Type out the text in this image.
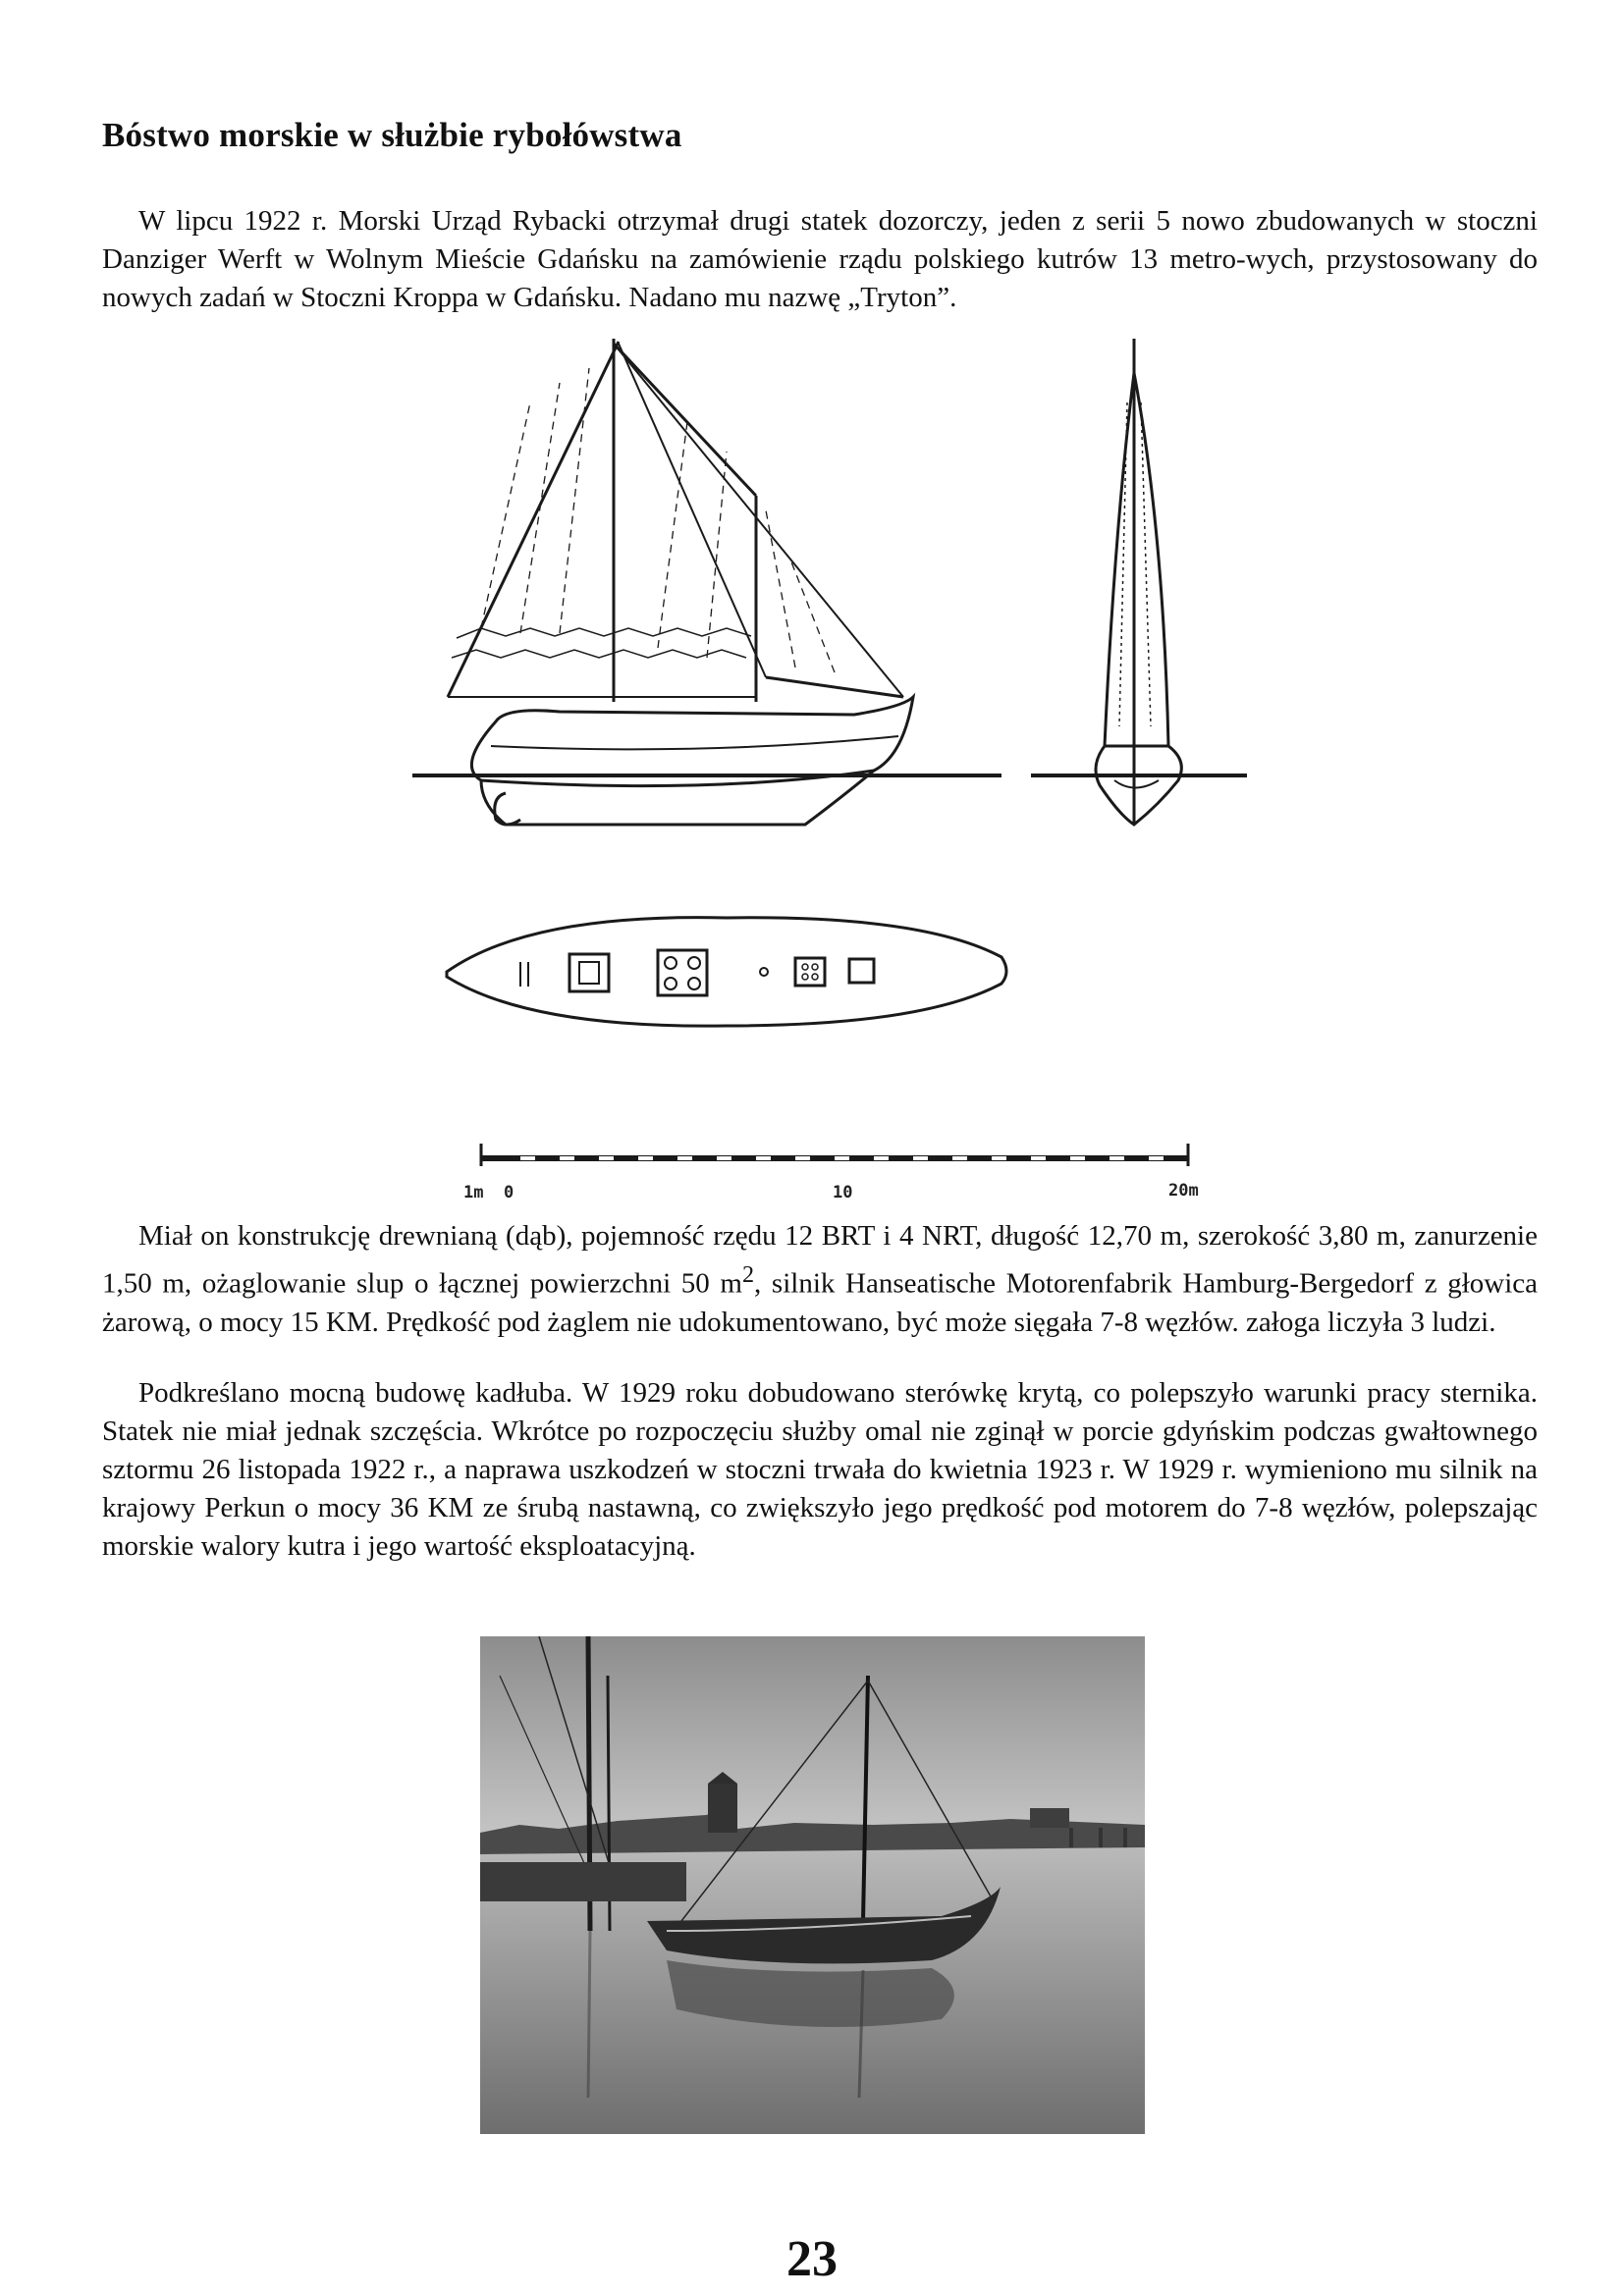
Bóstwo morskie w służbie rybołówstwa

W lipcu 1922 r. Morski Urząd Rybacki otrzymał drugi statek dozorczy, jeden z serii 5 nowo zbudowanych w stoczni Danziger Werft w Wolnym Mieście Gdańsku na zamówienie rządu polskiego kutrów 13 metro-wych, przystosowany do nowych zadań w Stoczni Kroppa w Gdańsku. Nadano mu nazwę „Tryton”.

1m 0	10	20m

Miał on konstrukcję drewnianą (dąb), pojemność rzędu 12 BRT i 4 NRT, długość 12,70 m, szerokość 3,80 m, zanurzenie 1,50 m, ożaglowanie slup o łącznej powierzchni 50 $m^2$, silnik Hanseatische Motorenfabrik Hamburg-Bergedorf z głowica żarową, o mocy 15 KM. Prędkość pod żaglem nie udokumentowano, być może sięgała 7-8 węzłów. załoga liczyła 3 ludzi.

Podkreślano mocną budowę kadłuba. W 1929 roku dobudowano sterówkę krytą, co polepszyło warunki pracy sternika. Statek nie miał jednak szczęścia. Wkrótce po rozpoczęciu służby omal nie zginął w porcie gdyńskim podczas gwałtownego sztormu 26 listopada 1922 r., a naprawa uszkodzeń w stoczni trwała do kwietnia 1923 r. W 1929 r. wymieniono mu silnik na krajowy Perkun o mocy 36 KM ze śrubą nastawną, co zwiększyło jego prędkość pod motorem do 7-8 węzłów, polepszając morskie walory kutra i jego wartość eksploatacyjną.

23
